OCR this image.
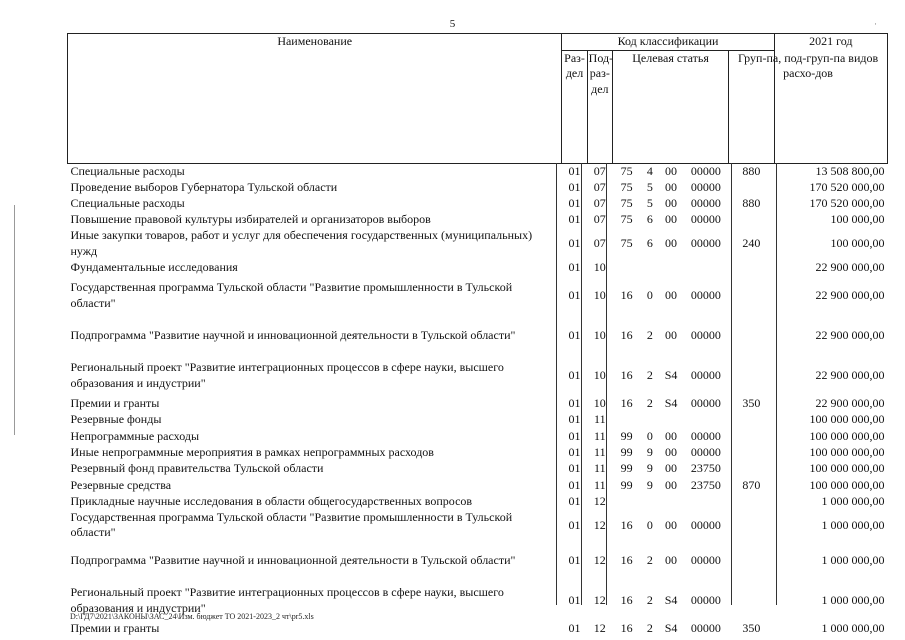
5	·
Наименование	Код классификации							2021 год
	Раз-дел	Под-раз-дел	Целевая статья				Груп-па, под-груп-па видов расхо-дов	
Специальные расходы	01	07	75	4	00	00000	880	13 508 800,00
Проведение выборов Губернатора Тульской области	01	07	75	5	00	00000		170 520 000,00
Специальные расходы	01	07	75	5	00	00000	880	170 520 000,00
Повышение правовой культуры избирателей и организаторов выборов	01	07	75	6	00	00000		100 000,00
Иные закупки товаров, работ и услуг для обеспечения государственных (муниципальных) нужд	01	07	75	6	00	00000	240	100 000,00
Фундаментальные исследования	01	10						22 900 000,00
Государственная программа Тульской области "Развитие промышленности в Тульской области"	01	10	16	0	00	00000		22 900 000,00
Подпрограмма "Развитие научной и инновационной деятельности в Тульской области"	01	10	16	2	00	00000		22 900 000,00
Региональный проект "Развитие интеграционных процессов в сфере науки, высшего образования и индустрии"	01	10	16	2	S4	00000		22 900 000,00
Премии и гранты	01	10	16	2	S4	00000	350	22 900 000,00
Резервные фонды	01	11						100 000 000,00
Непрограммные расходы	01	11	99	0	00	00000		100 000 000,00
Иные непрограммные мероприятия в рамках непрограммных расходов	01	11	99	9	00	00000		100 000 000,00
Резервный фонд правительства Тульской области	01	11	99	9	00	23750		100 000 000,00
Резервные средства	01	11	99	9	00	23750	870	100 000 000,00
Прикладные научные исследования в области общегосударственных вопросов	01	12						1 000 000,00
Государственная программа Тульской области "Развитие промышленности в Тульской области"	01	12	16	0	00	00000		1 000 000,00
Подпрограмма "Развитие научной и инновационной деятельности в Тульской области"	01	12	16	2	00	00000		1 000 000,00
Региональный проект "Развитие интеграционных процессов в сфере науки, высшего образования и индустрии"	01	12	16	2	S4	00000		1 000 000,00
Премии и гранты	01	12	16	2	S4	00000	350	1 000 000,00
D:\ГД7\2021\ЗАКОНЫ\ЗАС_24\Изм. бюджет ТО 2021-2023_2 чт\pr5.xls
